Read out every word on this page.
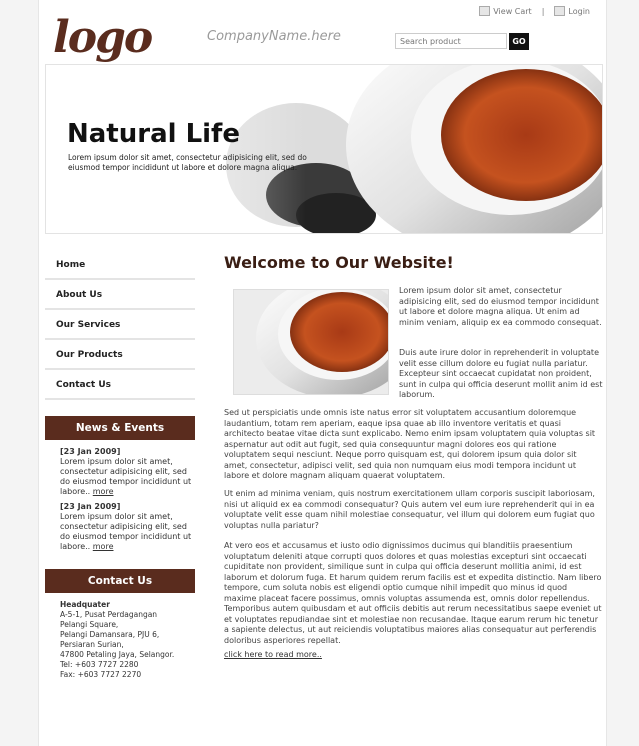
logo	CompanyName.here
View Cart |	Login
Search product
GO
Natural Life
Lorem ipsum dolor sit amet, consectetur adipisicing elit, sed do eiusmod tempor incididunt ut labore et dolore magna aliqua.
Home
About Us
Our Services
Our Products
Contact Us
News & Events
[23 Jan 2009]
Lorem ipsum dolor sit amet, consectetur adipisicing elit, sed do eiusmod tempor incididunt ut labore.. more
[23 Jan 2009]
Lorem ipsum dolor sit amet, consectetur adipisicing elit, sed do eiusmod tempor incididunt ut labore.. more
Contact Us
Headquater
A-5-1, Pusat Perdagangan
Pelangi Square,
Pelangi Damansara, PJU 6,
Persiaran Surian,
47800 Petaling Jaya, Selangor.
Tel: +603 7727 2280
Fax: +603 7727 2270
Welcome to Our Website!
Lorem ipsum dolor sit amet, consectetur adipisicing elit, sed do eiusmod tempor incididunt ut labore et dolore magna aliqua. Ut enim ad minim veniam, aliquip ex ea commodo consequat.
Duis aute irure dolor in reprehenderit in voluptate velit esse cillum dolore eu fugiat nulla pariatur. Excepteur sint occaecat cupidatat non proident, sunt in culpa qui officia deserunt mollit anim id est laborum.
Sed ut perspiciatis unde omnis iste natus error sit voluptatem accusantium doloremque laudantium, totam rem aperiam, eaque ipsa quae ab illo inventore veritatis et quasi architecto beatae vitae dicta sunt explicabo. Nemo enim ipsam voluptatem quia voluptas sit aspernatur aut odit aut fugit, sed quia consequuntur magni dolores eos qui ratione voluptatem sequi nesciunt. Neque porro quisquam est, qui dolorem ipsum quia dolor sit amet, consectetur, adipisci velit, sed quia non numquam eius modi tempora incidunt ut labore et dolore magnam aliquam quaerat voluptatem.
Ut enim ad minima veniam, quis nostrum exercitationem ullam corporis suscipit laboriosam, nisi ut aliquid ex ea commodi consequatur? Quis autem vel eum iure reprehenderit qui in ea voluptate velit esse quam nihil molestiae consequatur, vel illum qui dolorem eum fugiat quo voluptas nulla pariatur?
At vero eos et accusamus et iusto odio dignissimos ducimus qui blanditiis praesentium voluptatum deleniti atque corrupti quos dolores et quas molestias excepturi sint occaecati cupiditate non provident, similique sunt in culpa qui officia deserunt mollitia animi, id est laborum et dolorum fuga. Et harum quidem rerum facilis est et expedita distinctio. Nam libero tempore, cum soluta nobis est eligendi optio cumque nihil impedit quo minus id quod maxime placeat facere possimus, omnis voluptas assumenda est, omnis dolor repellendus. Temporibus autem quibusdam et aut officiis debitis aut rerum necessitatibus saepe eveniet ut et voluptates repudiandae sint et molestiae non recusandae. Itaque earum rerum hic tenetur a sapiente delectus, ut aut reiciendis voluptatibus maiores alias consequatur aut perferendis doloribus asperiores repellat.
click here to read more..
